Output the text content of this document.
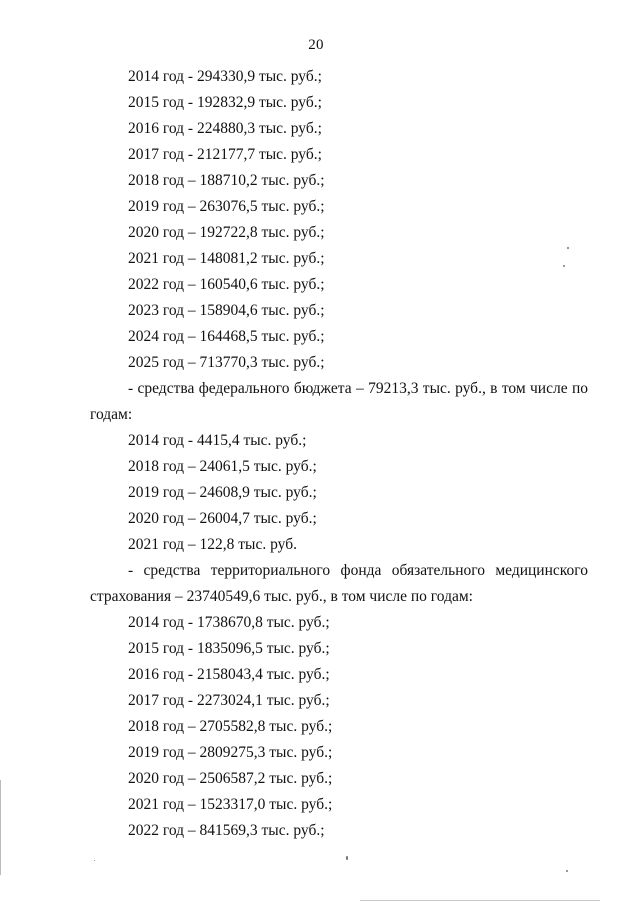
20
2014 год - 294330,9 тыс. руб.;
2015 год - 192832,9 тыс. руб.;
2016 год - 224880,3 тыс. руб.;
2017 год - 212177,7 тыс. руб.;
2018 год – 188710,2 тыс. руб.;
2019 год – 263076,5 тыс. руб.;
2020 год – 192722,8 тыс. руб.;
2021 год – 148081,2 тыс. руб.;
2022 год – 160540,6 тыс. руб.;
2023 год – 158904,6 тыс. руб.;
2024 год – 164468,5 тыс. руб.;
2025 год – 713770,3 тыс. руб.;
- средства федерального бюджета – 79213,3 тыс. руб., в том числе по годам:
2014 год - 4415,4 тыс. руб.;
2018 год – 24061,5 тыс. руб.;
2019 год – 24608,9 тыс. руб.;
2020 год – 26004,7 тыс. руб.;
2021 год – 122,8 тыс. руб.
- средства территориального фонда обязательного медицинского страхования – 23740549,6 тыс. руб., в том числе по годам:
2014 год - 1738670,8 тыс. руб.;
2015 год - 1835096,5 тыс. руб.;
2016 год - 2158043,4 тыс. руб.;
2017 год - 2273024,1 тыс. руб.;
2018 год – 2705582,8 тыс. руб.;
2019 год – 2809275,3 тыс. руб.;
2020 год – 2506587,2 тыс. руб.;
2021 год – 1523317,0 тыс. руб.;
2022 год – 841569,3 тыс. руб.;
